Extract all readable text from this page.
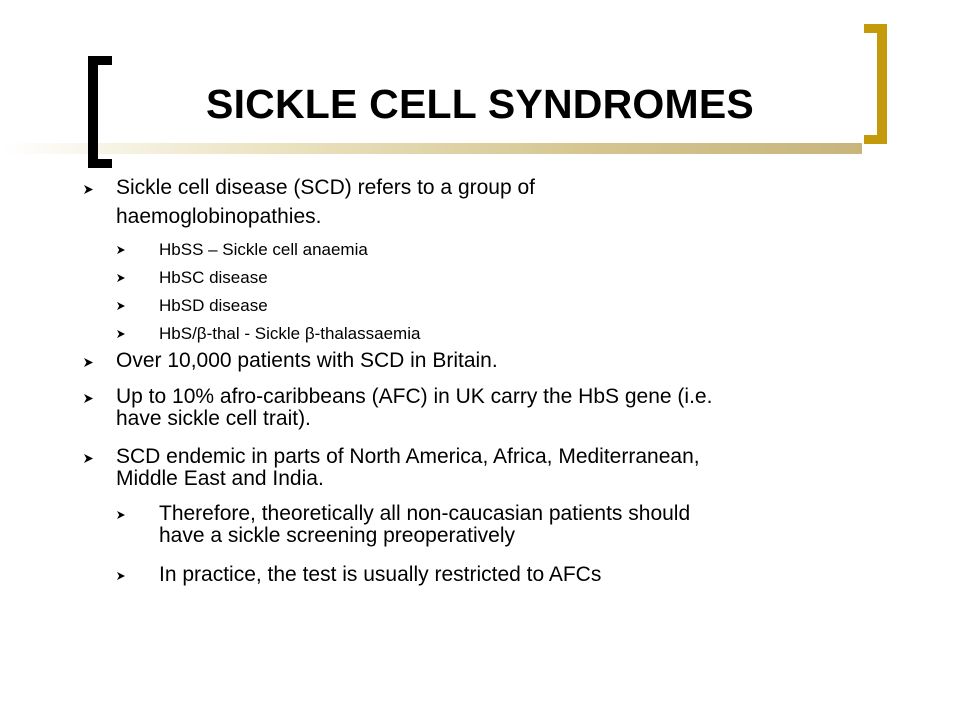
SICKLE CELL SYNDROMES
Sickle cell disease (SCD) refers to a group of
haemoglobinopathies.
HbSS – Sickle cell anaemia
HbSC disease
HbSD disease
HbS/β-thal - Sickle β-thalassaemia
Over 10,000 patients with SCD in Britain.
Up to 10% afro-caribbeans (AFC) in UK carry the HbS gene (i.e.
have sickle cell trait).
SCD endemic in parts of North America, Africa, Mediterranean,
Middle East and India.
Therefore, theoretically all non-caucasian patients should
have a sickle screening preoperatively
In practice, the test is usually restricted to AFCs
